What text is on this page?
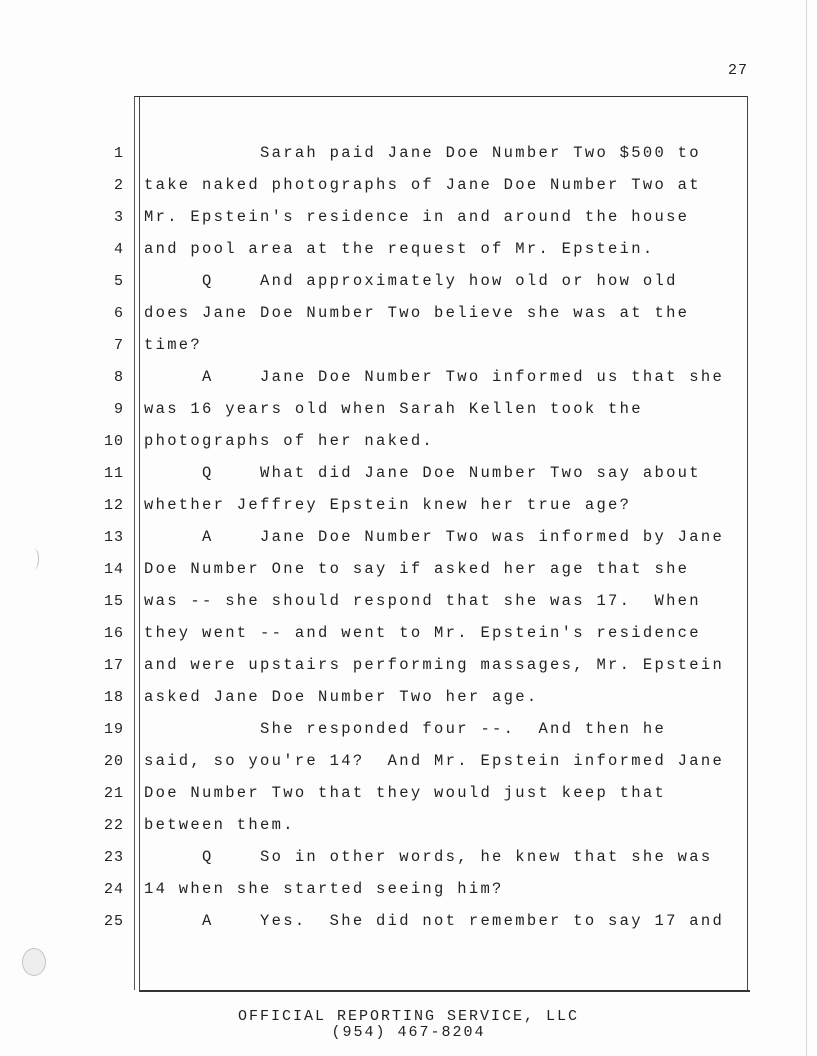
27
1 Sarah paid Jane Doe Number Two $500 to
2 take naked photographs of Jane Doe Number Two at
3 Mr. Epstein's residence in and around the house
4 and pool area at the request of Mr. Epstein.
5 Q    And approximately how old or how old
6 does Jane Doe Number Two believe she was at the
7 time?
8 A    Jane Doe Number Two informed us that she
9 was 16 years old when Sarah Kellen took the
10 photographs of her naked.
11 Q    What did Jane Doe Number Two say about
12 whether Jeffrey Epstein knew her true age?
13 A    Jane Doe Number Two was informed by Jane
14 Doe Number One to say if asked her age that she
15 was -- she should respond that she was 17.  When
16 they went -- and went to Mr. Epstein's residence
17 and were upstairs performing massages, Mr. Epstein
18 asked Jane Doe Number Two her age.
19 She responded four --.  And then he
20 said, so you're 14?  And Mr. Epstein informed Jane
21 Doe Number Two that they would just keep that
22 between them.
23 Q    So in other words, he knew that she was
24 14 when she started seeing him?
25 A    Yes.  She did not remember to say 17 and
OFFICIAL REPORTING SERVICE, LLC
(954) 467-8204
